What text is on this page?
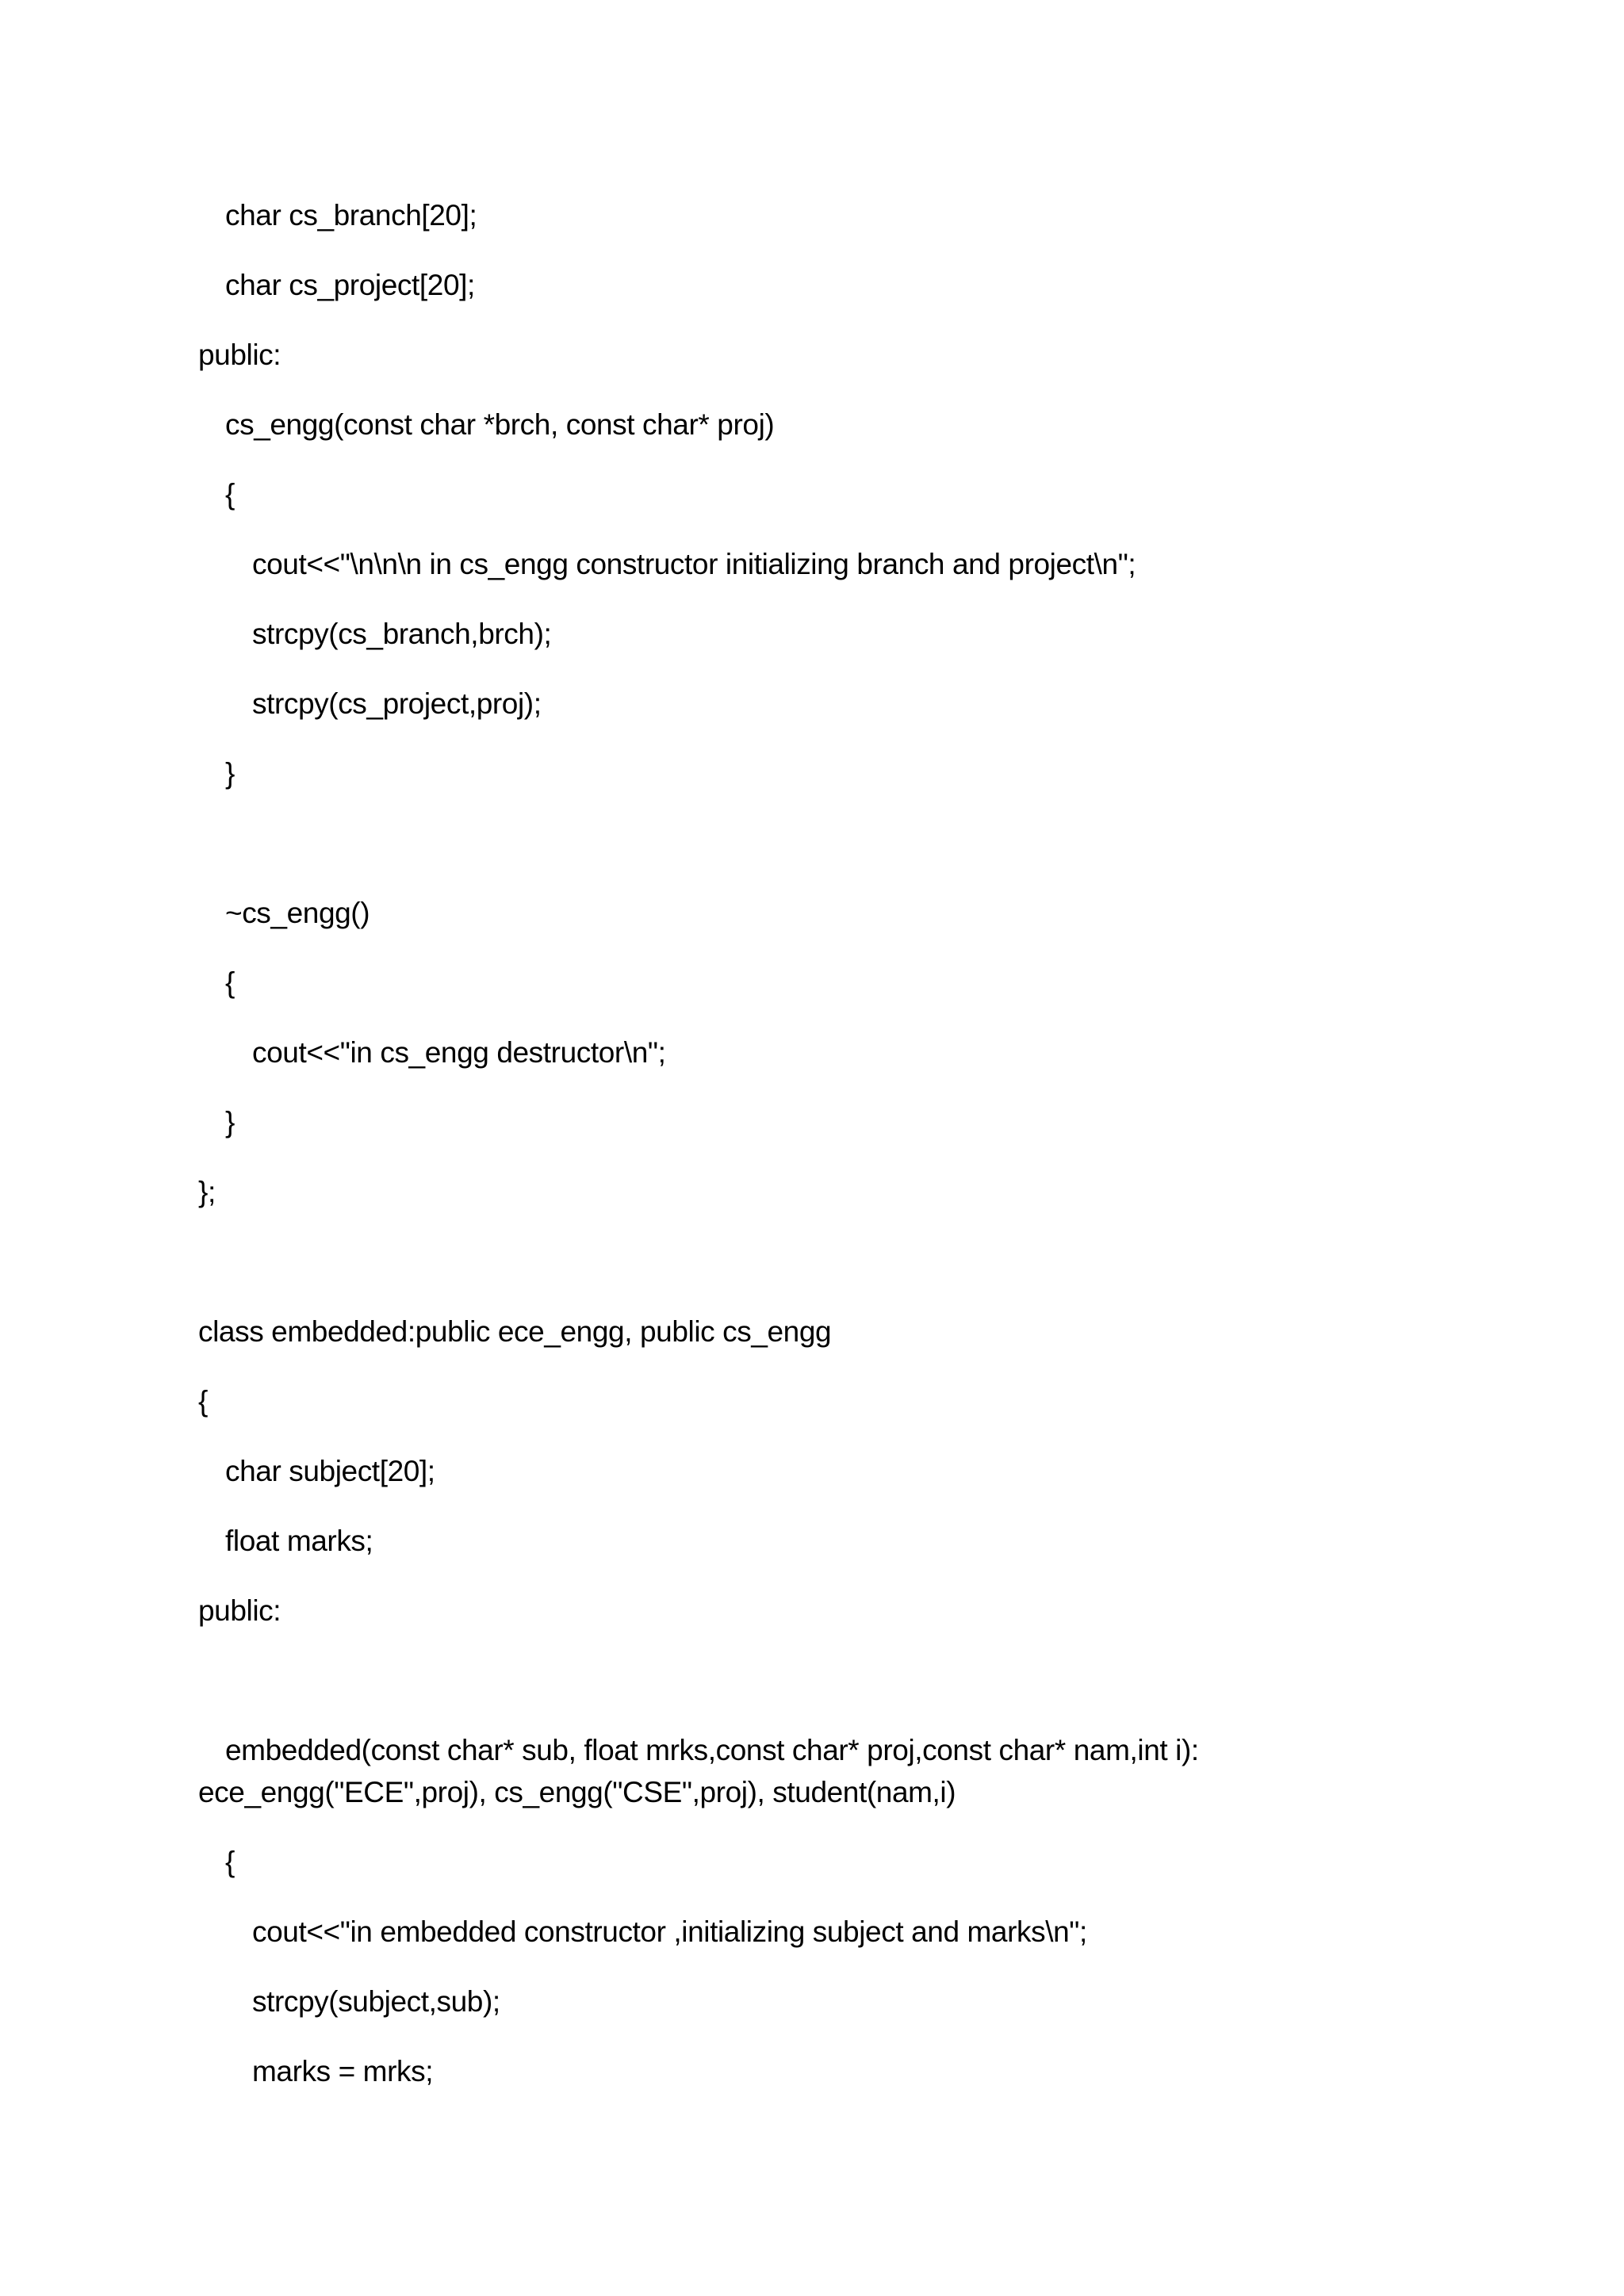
char cs_branch[20];
char cs_project[20];
public:
cs_engg(const char *brch, const char* proj)
{
cout<<"\n\n\n in cs_engg constructor initializing branch and project\n";
strcpy(cs_branch,brch);
strcpy(cs_project,proj);
}
~cs_engg()
{
cout<<"in cs_engg destructor\n";
}
};
class embedded:public ece_engg, public cs_engg
{
char subject[20];
float marks;
public:
embedded(const char* sub, float mrks,const char* proj,const char* nam,int i):
ece_engg("ECE",proj), cs_engg("CSE",proj), student(nam,i)
{
cout<<"in embedded constructor ,initializing subject and marks\n";
strcpy(subject,sub);
marks = mrks;
